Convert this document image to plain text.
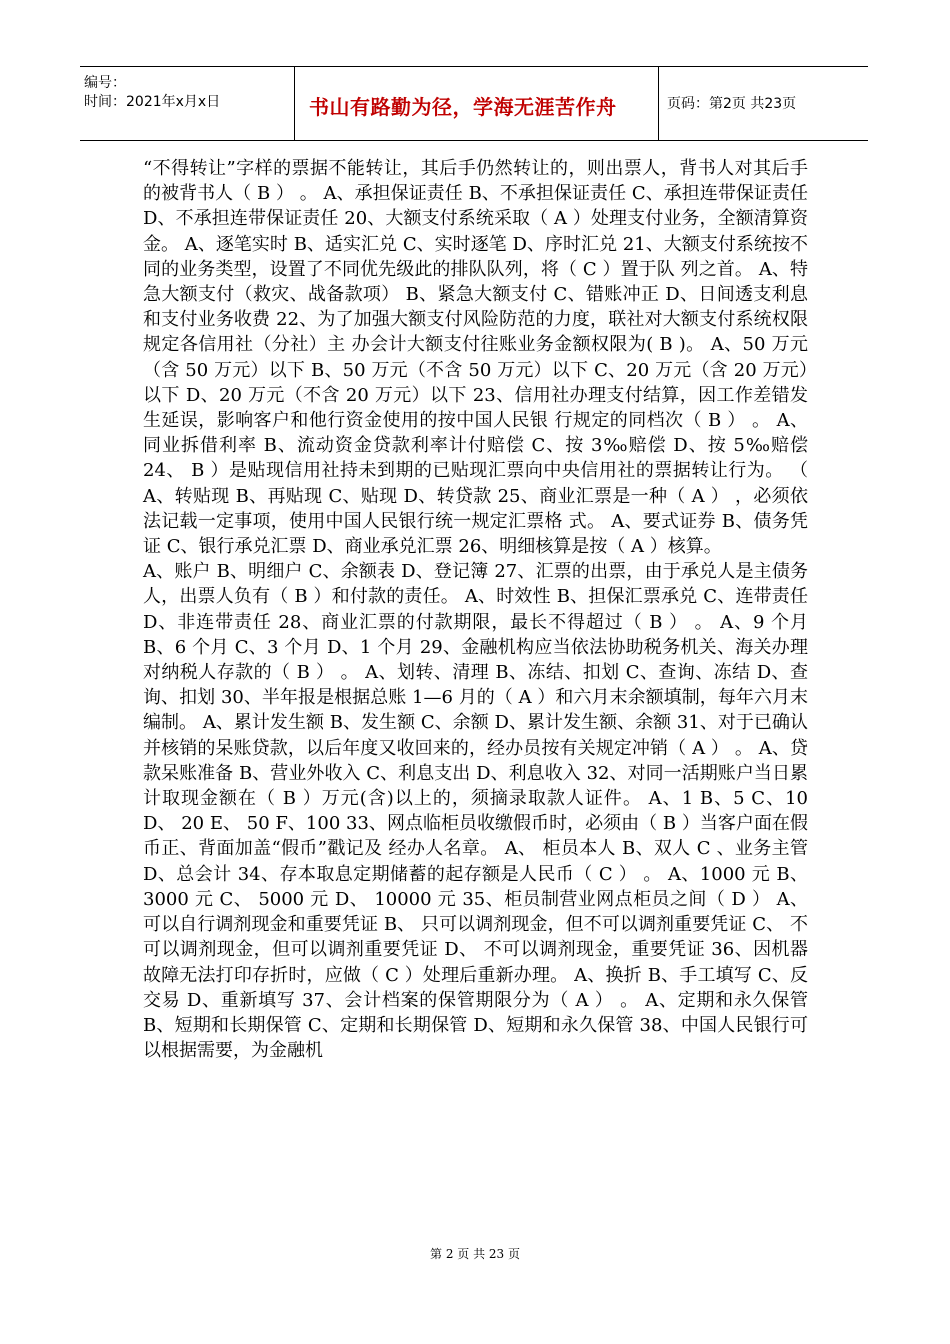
编号：
时间：2021年x月x日	书山有路勤为径，学海无涯苦作舟	页码：第2页 共23页

“不得转让”字样的票据不能转让，其后手仍然转让的，则出票人，背书人对其后手的被背书人（ B ） 。 A、承担保证责任 B、不承担保证责任 C、承担连带保证责任 D、不承担连带保证责任 20、大额支付系统采取（ A ）处理支付业务，全额清算资金。 A、逐笔实时 B、适实汇兑 C、实时逐笔 D、序时汇兑 21、大额支付系统按不同的业务类型，设置了不同优先级此的排队队列，将（ C ）置于队 列之首。 A、特急大额支付（救灾、战备款项） B、紧急大额支付 C、错账冲正 D、日间透支利息和支付业务收费 22、为了加强大额支付风险防范的力度，联社对大额支付系统权限规定各信用社（分社）主 办会计大额支付往账业务金额权限为( B )。 A、50 万元（含 50 万元）以下 B、50 万元（不含 50 万元）以下 C、20 万元（含 20 万元）以下 D、20 万元（不含 20 万元）以下 23、信用社办理支付结算，因工作差错发生延误，影响客户和他行资金使用的按中国人民银 行规定的同档次（ B ） 。 A、同业拆借利率 B、流动资金贷款利率计付赔偿 C、按 3‰赔偿 D、按 5‰赔偿 24、 B ）是贴现信用社持未到期的已贴现汇票向中央信用社的票据转让行为。 （ A、转贴现 B、再贴现 C、贴现 D、转贷款 25、商业汇票是一种（ A ） ，必须依法记载一定事项，使用中国人民银行统一规定汇票格 式。 A、要式证券 B、债务凭证 C、银行承兑汇票 D、商业承兑汇票 26、明细核算是按（ A ）核算。

A、账户 B、明细户 C、余额表 D、登记簿 27、汇票的出票，由于承兑人是主债务人，出票人负有（ B ）和付款的责任。 A、时效性 B、担保汇票承兑 C、连带责任 D、非连带责任 28、商业汇票的付款期限，最长不得超过（ B ） 。 A、9 个月 B、6 个月 C、3 个月 D、1 个月 29、金融机构应当依法协助税务机关、海关办理对纳税人存款的（ B ） 。 A、划转、清理 B、冻结、扣划 C、查询、冻结 D、查询、扣划 30、半年报是根据总账 1—6 月的（ A ）和六月末余额填制，每年六月末编制。 A、累计发生额 B、发生额 C、余额 D、累计发生额、余额 31、对于已确认并核销的呆账贷款，以后年度又收回来的，经办员按有关规定冲销（ A ） 。 A、贷款呆账准备 B、营业外收入 C、利息支出 D、利息收入 32、对同一活期账户当日累计取现金额在（ B ）万元(含)以上的，须摘录取款人证件。 A、1 B、5 C、10 D、 20 E、 50 F、100 33、网点临柜员收缴假币时，必须由（ B ）当客户面在假币正、背面加盖“假币”戳记及 经办人名章。 A、 柜员本人 B、双人 C 、业务主管 D、总会计 34、存本取息定期储蓄的起存额是人民币（ C ） 。 A、1000 元 B、 3000 元 C、 5000 元 D、 10000 元 35、柜员制营业网点柜员之间（ D ） A、可以自行调剂现金和重要凭证 B、 只可以调剂现金，但不可以调剂重要凭证 C、 不可以调剂现金，但可以调剂重要凭证 D、 不可以调剂现金，重要凭证 36、因机器故障无法打印存折时，应做（ C ）处理后重新办理。 A、换折 B、手工填写 C、反交易 D、重新填写 37、会计档案的保管期限分为（ A ） 。 A、定期和永久保管 B、短期和长期保管 C、定期和长期保管 D、短期和永久保管 38、中国人民银行可以根据需要，为金融机

第 2 页 共 23 页
